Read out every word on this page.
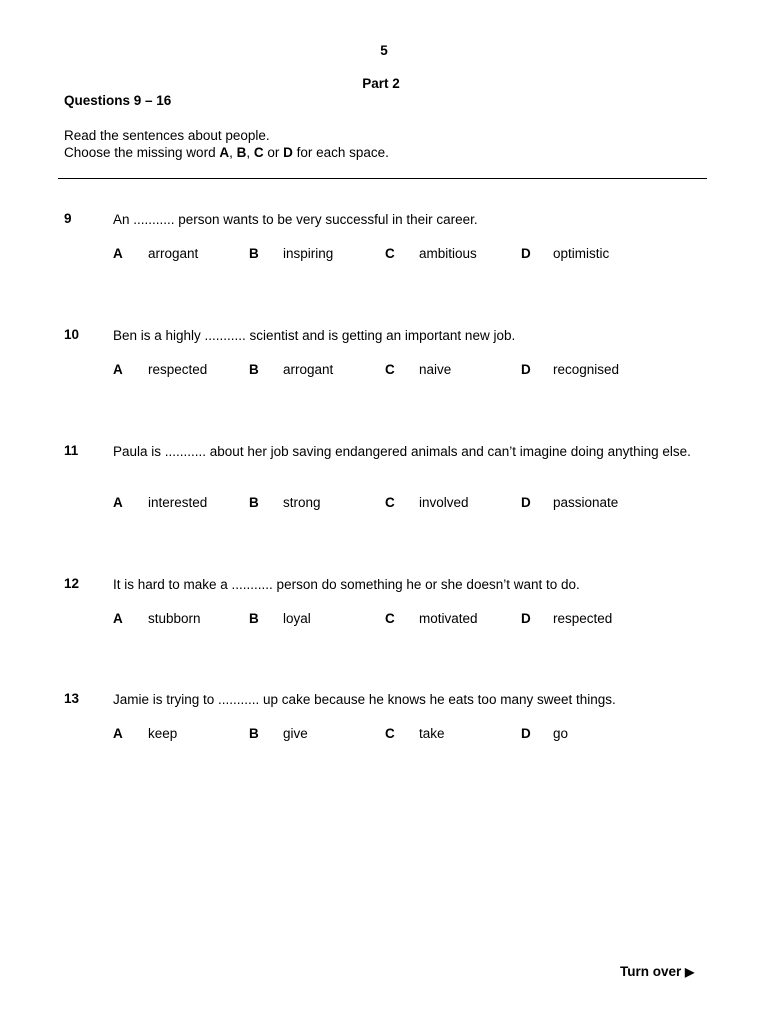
5
Part 2
Questions 9 – 16
Read the sentences about people.
Choose the missing word A, B, C or D for each space.
9	An ........... person wants to be very successful in their career.
A arrogant	B inspiring	C ambitious	D optimistic
10	Ben is a highly ........... scientist and is getting an important new job.
A respected	B arrogant	C naive	D recognised
11	Paula is ........... about her job saving endangered animals and can’t imagine doing anything else.
A interested	B strong	C involved	D passionate
12	It is hard to make a ........... person do something he or she doesn’t want to do.
A stubborn	B loyal	C motivated	D respected
13	Jamie is trying to ........... up cake because he knows he eats too many sweet things.
A keep	B give	C take	D go
Turn over ▶
